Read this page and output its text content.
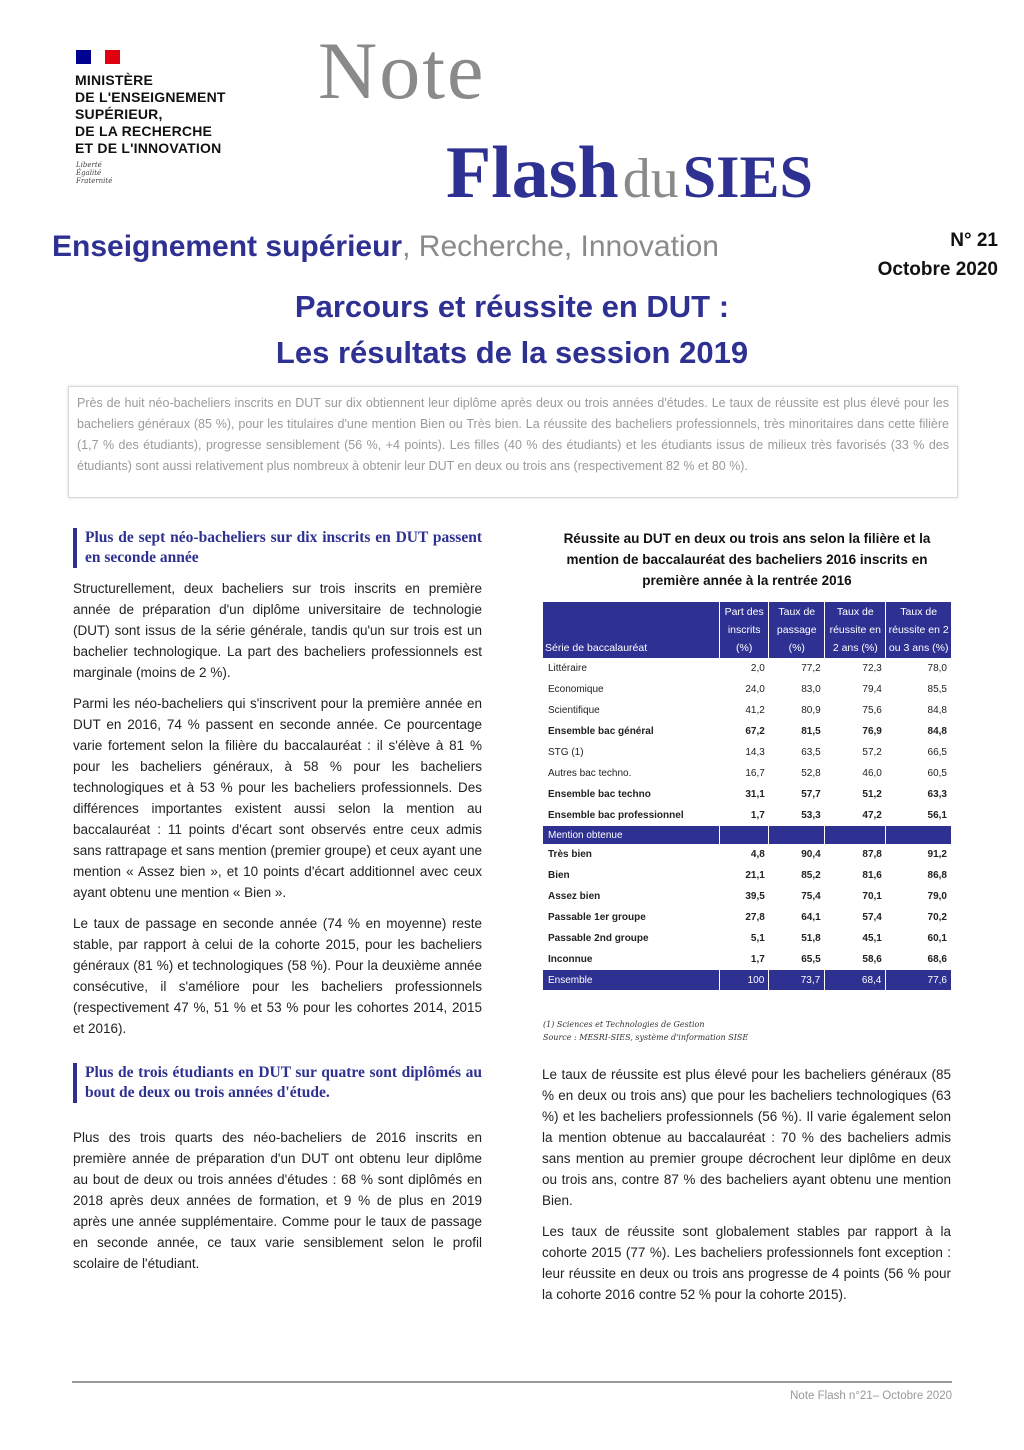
MINISTÈRE
DE L'ENSEIGNEMENT
SUPÉRIEUR,
DE LA RECHERCHE
ET DE L'INNOVATION
Liberté
Égalité
Fraternité
Note
Flash du SIES
Enseignement supérieur, Recherche, Innovation	N° 21
Octobre 2020
Parcours et réussite en DUT :
Les résultats de la session 2019
Près de huit néo-bacheliers inscrits en DUT sur dix obtiennent leur diplôme après deux ou trois années d'études. Le taux de réussite est plus élevé pour les bacheliers généraux (85 %), pour les titulaires d'une mention Bien ou Très bien. La réussite des bacheliers professionnels, très minoritaires dans cette filière (1,7 % des étudiants), progresse sensiblement (56 %, +4 points). Les filles (40 % des étudiants) et les étudiants issus de milieux très favorisés (33 % des étudiants) sont aussi relativement plus nombreux à obtenir leur DUT en deux ou trois ans (respectivement 82 % et 80 %).
Plus de sept néo-bacheliers sur dix inscrits en DUT passent en seconde année

Structurellement, deux bacheliers sur trois inscrits en première année de préparation d'un diplôme universitaire de technologie (DUT) sont issus de la série générale, tandis qu'un sur trois est un bachelier technologique. La part des bacheliers professionnels est marginale (moins de 2 %).

Parmi les néo-bacheliers qui s'inscrivent pour la première année en DUT en 2016, 74 % passent en seconde année. Ce pourcentage varie fortement selon la filière du baccalauréat : il s'élève à 81 % pour les bacheliers généraux, à 58 % pour les bacheliers technologiques et à 53 % pour les bacheliers professionnels. Des différences importantes existent aussi selon la mention au baccalauréat : 11 points d'écart sont observés entre ceux admis sans rattrapage et sans mention (premier groupe) et ceux ayant une mention « Assez bien », et 10 points d'écart additionnel avec ceux ayant obtenu une mention « Bien ».

Le taux de passage en seconde année (74 % en moyenne) reste stable, par rapport à celui de la cohorte 2015, pour les bacheliers généraux (81 %) et technologiques (58 %). Pour la deuxième année consécutive, il s'améliore pour les bacheliers professionnels (respectivement 47 %, 51 % et 53 % pour les cohortes 2014, 2015 et 2016).

Plus de trois étudiants en DUT sur quatre sont diplômés au bout de deux ou trois années d'étude.

Plus des trois quarts des néo-bacheliers de 2016 inscrits en première année de préparation d'un DUT ont obtenu leur diplôme au bout de deux ou trois années d'études : 68 % sont diplômés en 2018 après deux années de formation, et 9 % de plus en 2019 après une année supplémentaire. Comme pour le taux de passage en seconde année, ce taux varie sensiblement selon le profil scolaire de l'étudiant.

Réussite au DUT en deux ou trois ans selon la filière et la mention de baccalauréat des bacheliers 2016 inscrits en première année à la rentrée 2016
Série de baccalauréat	Part des inscrits (%)	Taux de passage (%)	Taux de réussite en 2 ans (%)	Taux de réussite en 2 ou 3 ans (%)
Littéraire	2,0	77,2	72,3	78,0
Economique	24,0	83,0	79,4	85,5
Scientifique	41,2	80,9	75,6	84,8
Ensemble bac général	67,2	81,5	76,9	84,8
STG (1)	14,3	63,5	57,2	66,5
Autres bac techno.	16,7	52,8	46,0	60,5
Ensemble bac techno	31,1	57,7	51,2	63,3
Ensemble bac professionnel	1,7	53,3	47,2	56,1
Mention obtenue				
Très bien	4,8	90,4	87,8	91,2
Bien	21,1	85,2	81,6	86,8
Assez bien	39,5	75,4	70,1	79,0
Passable 1er groupe	27,8	64,1	57,4	70,2
Passable 2nd groupe	5,1	51,8	45,1	60,1
Inconnue	1,7	65,5	58,6	68,6
Ensemble	100	73,7	68,4	77,6
(1) Sciences et Technologies de Gestion
Source : MESRI-SIES, système d'information SISE

Le taux de réussite est plus élevé pour les bacheliers généraux (85 % en deux ou trois ans) que pour les bacheliers technologiques (63 %) et les bacheliers professionnels (56 %). Il varie également selon la mention obtenue au baccalauréat : 70 % des bacheliers admis sans mention au premier groupe décrochent leur diplôme en deux ou trois ans, contre 87 % des bacheliers ayant obtenu une mention Bien.

Les taux de réussite sont globalement stables par rapport à la cohorte 2015 (77 %). Les bacheliers professionnels font exception : leur réussite en deux ou trois ans progresse de 4 points (56 % pour la cohorte 2016 contre 52 % pour la cohorte 2015).

Note Flash n°21– Octobre 2020
